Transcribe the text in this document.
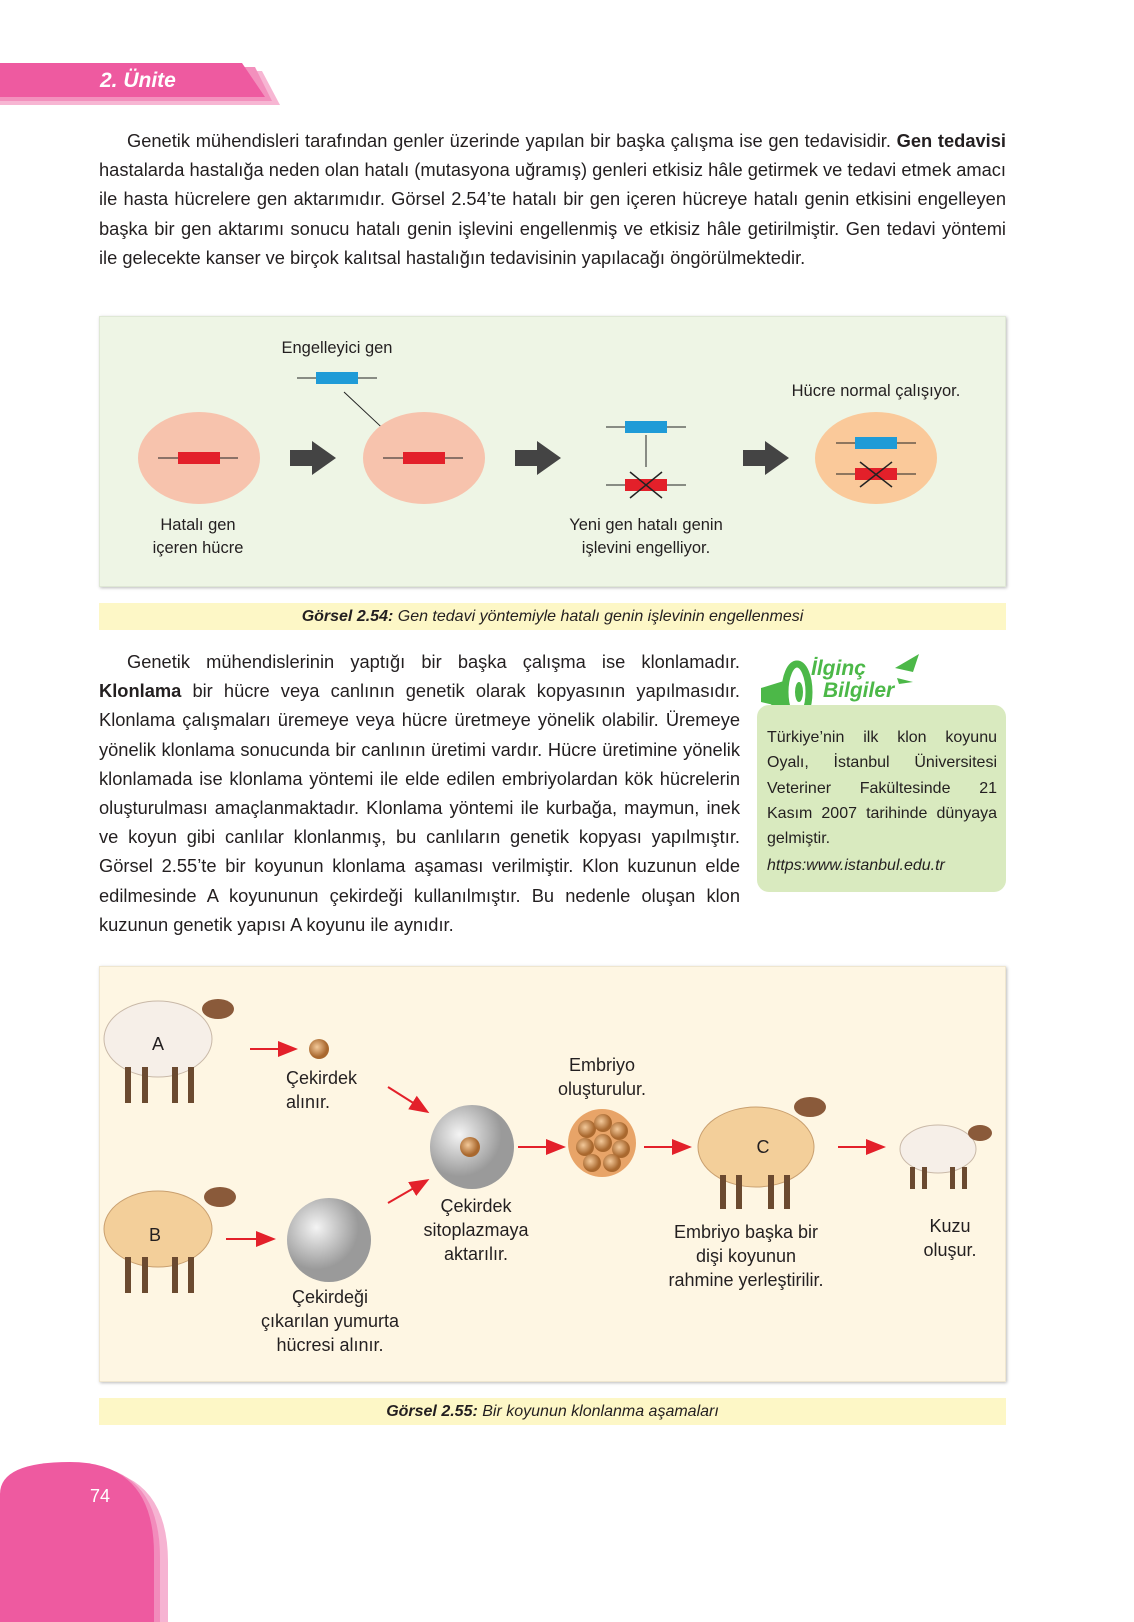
2. Ünite

Genetik mühendisleri tarafından genler üzerinde yapılan bir başka çalışma ise gen tedavisidir. Gen tedavisi hastalarda hastalığa neden olan hatalı (mutasyona uğramış) genleri etkisiz hâle getirmek ve tedavi etmek amacı ile hasta hücrelere gen aktarımıdır. Görsel 2.54’te hatalı bir gen içeren hücreye hatalı genin etkisini engelleyen başka bir gen aktarımı sonucu hatalı genin işlevini engellenmiş ve etkisiz hâle getirilmiştir. Gen tedavi yöntemi ile gelecekte kanser ve birçok kalıtsal hastalığın tedavisinin yapılacağı öngörülmektedir.

Engelleyici gen
Hücre normal çalışıyor.
Hatalı gen
içeren hücre
Yeni gen hatalı genin
işlevini engelliyor.
Görsel 2.54: Gen tedavi yöntemiyle hatalı genin işlevinin engellenmesi

Genetik mühendislerinin yaptığı bir başka çalışma ise klonlamadır. Klonlama bir hücre veya canlının genetik olarak kopyasının yapılmasıdır. Klonlama çalışmaları üremeye veya hücre üretmeye yönelik olabilir. Üremeye yönelik klonlama sonucunda bir canlının üretimi vardır. Hücre üretimine yönelik klonlamada ise klonlama yöntemi ile elde edilen embriyolardan kök hücrelerin oluşturulması amaçlanmaktadır. Klonlama yöntemi ile kurbağa, maymun, inek ve koyun gibi canlılar klonlanmış, bu canlıların genetik kopyası yapılmıştır. Görsel 2.55’te bir koyunun klonlama aşaması verilmiştir. Klon kuzunun elde edilmesinde A koyununun çekirdeği kullanılmıştır. Bu nedenle oluşan klon kuzunun genetik yapısı A koyunu ile aynıdır.

İlginç
Bilgiler

Türkiye’nin ilk klon koyunu Oyalı, İstanbul Üniversitesi Veteriner Fakültesinde 21 Kasım 2007 tarihinde dünyaya gelmiştir.

https:www.istanbul.edu.tr

A
B
C
Çekirdek
alınır.
Çekirdeği
çıkarılan yumurta
hücresi alınır.
Çekirdek
sitoplazmaya
aktarılır.
Embriyo
oluşturulur.
Embriyo başka bir
dişi koyunun
rahmine yerleştirilir.
Kuzu
oluşur.
Görsel 2.55: Bir koyunun klonlanma aşamaları
74
